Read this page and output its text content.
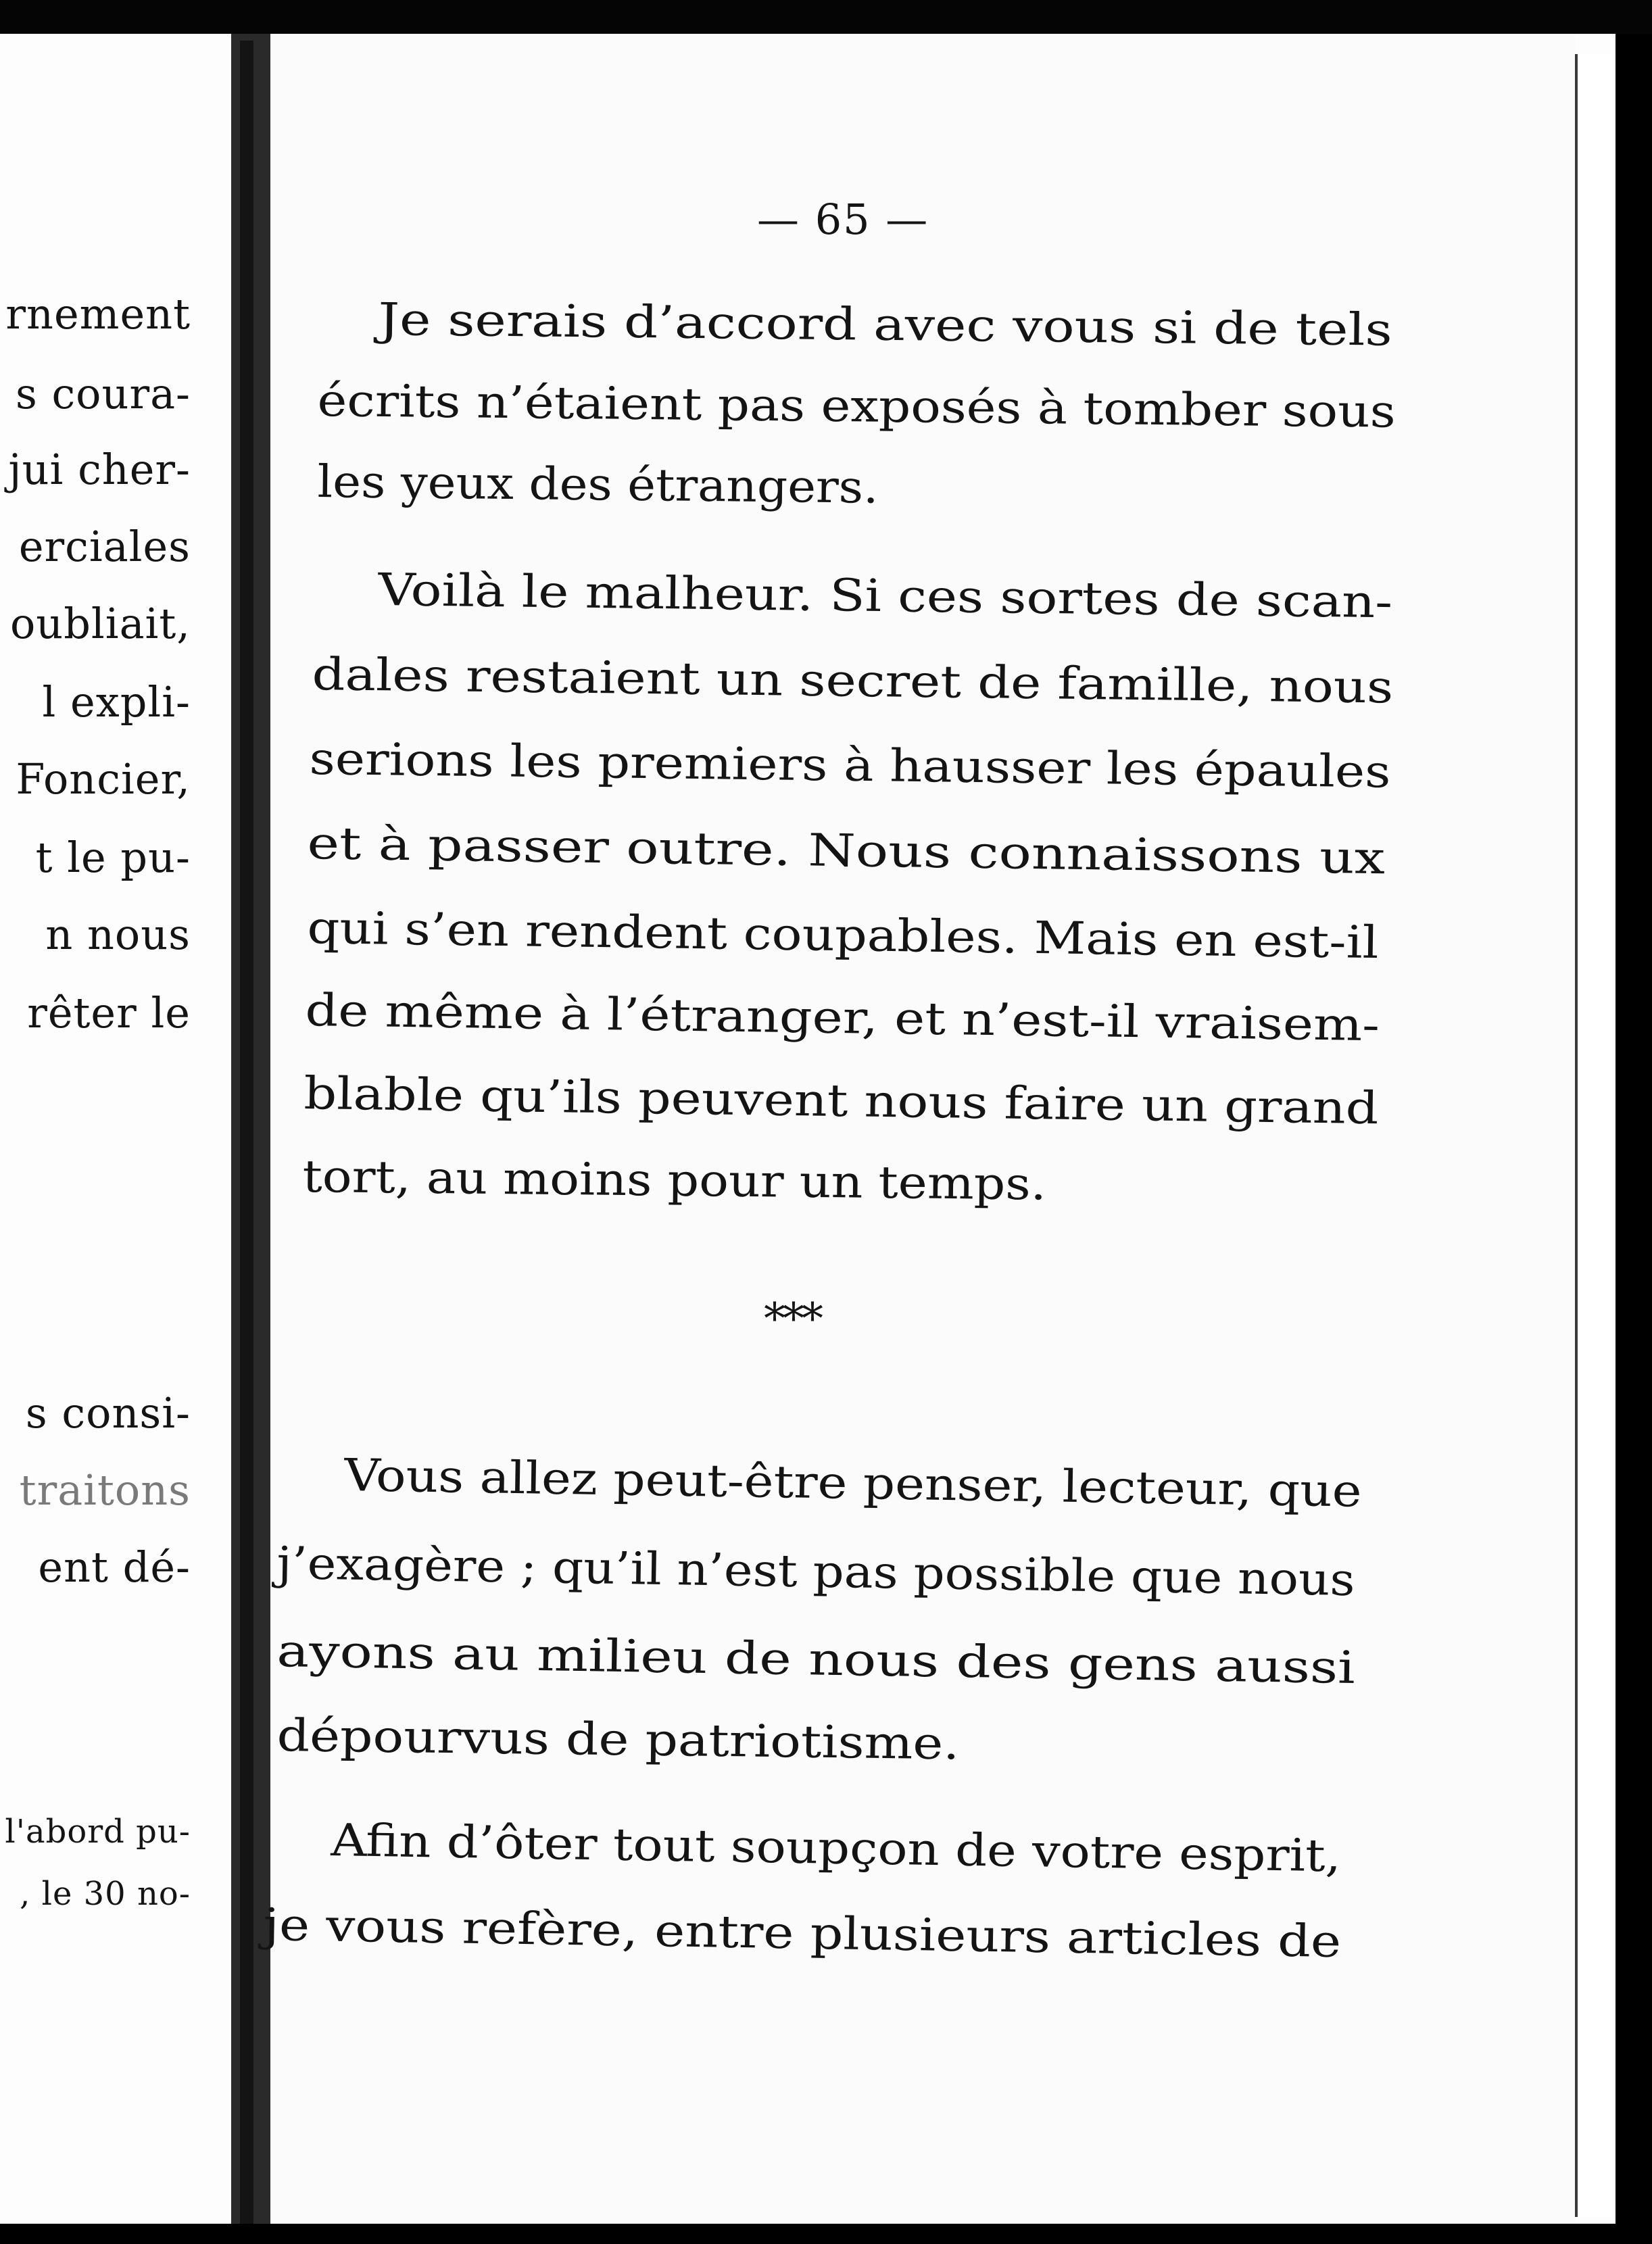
rnement
s coura-
jui cher-
erciales
oubliait,
l expli-
Foncier,
t le pu-
n nous
rêter le
s consi-
traitons
ent dé-
l'abord pu-
, le 30 no-
— 65 —
Je serais d’accord avec vous si de tels
écrits n’étaient pas exposés à tomber sous
les yeux des étrangers.
Voilà le malheur. Si ces sortes de scan-
dales restaient un secret de famille, nous
serions les premiers à hausser les épaules
et à passer outre. Nous connaissons ux
qui s’en rendent coupables. Mais en est-il
de même à l’étranger, et n’est-il vraisem-
blable qu’ils peuvent nous faire un grand
tort, au moins pour un temps.
***
Vous allez peut-être penser, lecteur, que
j’exagère ; qu’il n’est pas possible que nous
ayons au milieu de nous des gens aussi
dépourvus de patriotisme.
Afin d’ôter tout soupçon de votre esprit,
je vous refère, entre plusieurs articles de
